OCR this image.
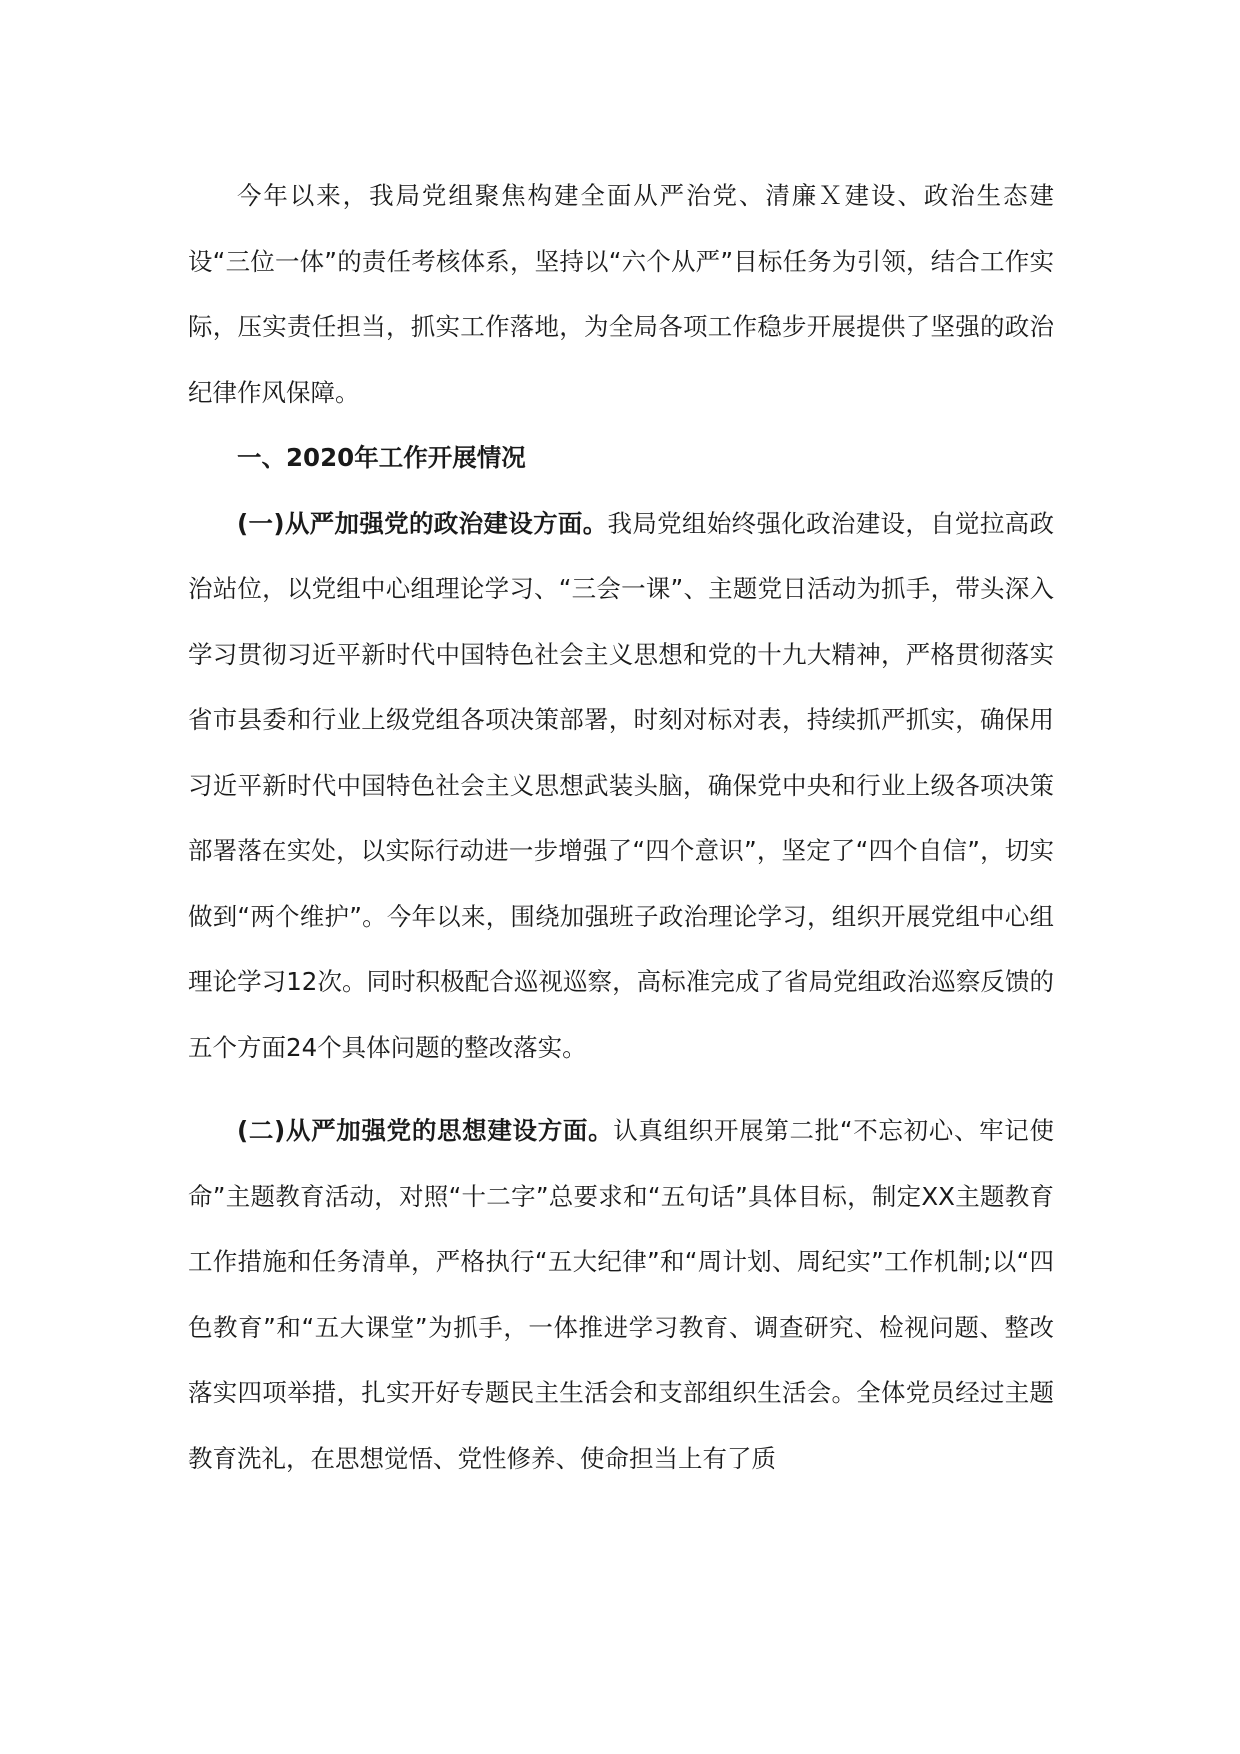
今年以来，我局党组聚焦构建全面从严治党、清廉Ｘ建设、政治生态建设“三位一体”的责任考核体系，坚持以“六个从严”目标任务为引领，结合工作实际，压实责任担当，抓实工作落地，为全局各项工作稳步开展提供了坚强的政治纪律作风保障。

一、2020年工作开展情况

(一)从严加强党的政治建设方面。我局党组始终强化政治建设，自觉拉高政治站位，以党组中心组理论学习、“三会一课”、主题党日活动为抓手，带头深入学习贯彻习近平新时代中国特色社会主义思想和党的十九大精神，严格贯彻落实省市县委和行业上级党组各项决策部署，时刻对标对表，持续抓严抓实，确保用习近平新时代中国特色社会主义思想武装头脑，确保党中央和行业上级各项决策部署落在实处，以实际行动进一步增强了“四个意识”，坚定了“四个自信”，切实做到“两个维护”。今年以来，围绕加强班子政治理论学习，组织开展党组中心组理论学习12次。同时积极配合巡视巡察，高标准完成了省局党组政治巡察反馈的五个方面24个具体问题的整改落实。

(二)从严加强党的思想建设方面。认真组织开展第二批“不忘初心、牢记使命”主题教育活动，对照“十二字”总要求和“五句话”具体目标，制定XX主题教育工作措施和任务清单，严格执行“五大纪律”和“周计划、周纪实”工作机制;以“四色教育”和“五大课堂”为抓手，一体推进学习教育、调查研究、检视问题、整改落实四项举措，扎实开好专题民主生活会和支部组织生活会。全体党员经过主题教育洗礼，在思想觉悟、党性修养、使命担当上有了质
